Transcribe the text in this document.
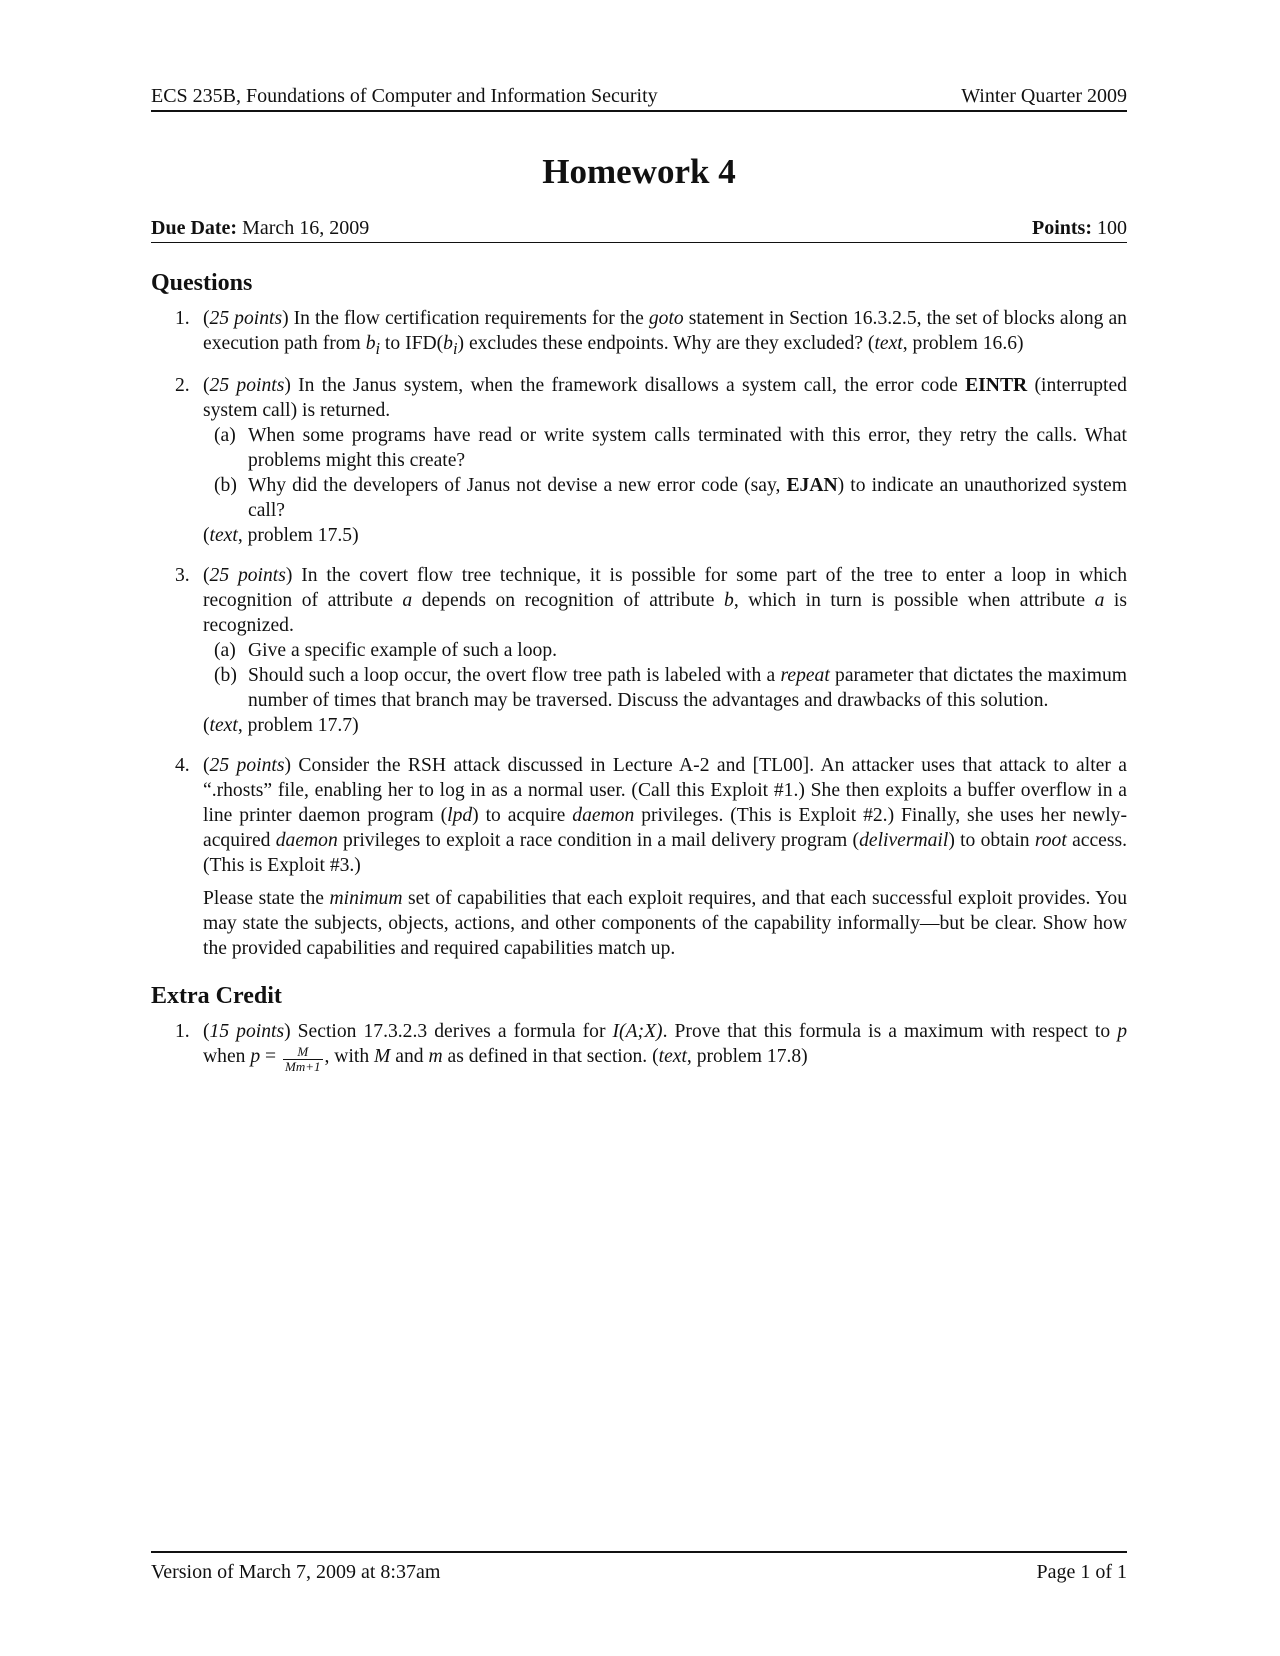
ECS 235B, Foundations of Computer and Information Security	Winter Quarter 2009
Homework 4
Due Date: March 16, 2009	Points: 100
Questions
1. (25 points) In the flow certification requirements for the goto statement in Section 16.3.2.5, the set of blocks along an execution path from $b_i$ to $IFD(b_i)$ excludes these endpoints. Why are they excluded? (text, problem 16.6)

2. (25 points) In the Janus system, when the framework disallows a system call, the error code EINTR (interrupted system call) is returned.

(a) When some programs have read or write system calls terminated with this error, they retry the calls. What problems might this create?
(b) Why did the developers of Janus not devise a new error code (say, EJAN) to indicate an unauthorized system call?

(text, problem 17.5)

3. (25 points) In the covert flow tree technique, it is possible for some part of the tree to enter a loop in which recognition of attribute a depends on recognition of attribute b, which in turn is possible when attribute a is recognized.

(a) Give a specific example of such a loop.
(b) Should such a loop occur, the overt flow tree path is labeled with a repeat parameter that dictates the maximum number of times that branch may be traversed. Discuss the advantages and drawbacks of this solution.

(text, problem 17.7)

4. (25 points) Consider the RSH attack discussed in Lecture A-2 and [TL00]. An attacker uses that attack to alter a “.rhosts” file, enabling her to log in as a normal user. (Call this Exploit #1.) She then exploits a buffer overflow in a line printer daemon program (lpd) to acquire daemon privileges. (This is Exploit #2.) Finally, she uses her newly-acquired daemon privileges to exploit a race condition in a mail delivery program (delivermail) to obtain root access. (This is Exploit #3.)

Please state the minimum set of capabilities that each exploit requires, and that each successful exploit provides. You may state the subjects, objects, actions, and other components of the capability informally—but be clear. Show how the provided capabilities and required capabilities match up.

Extra Credit
1. (15 points) Section 17.3.2.3 derives a formula for I(A;X). Prove that this formula is a maximum with respect to p when $p = \frac{M}{Mm+1}$ , with M and m as defined in that section. (text, problem 17.8)

Version of March 7, 2009 at 8:37am	Page 1 of 1
